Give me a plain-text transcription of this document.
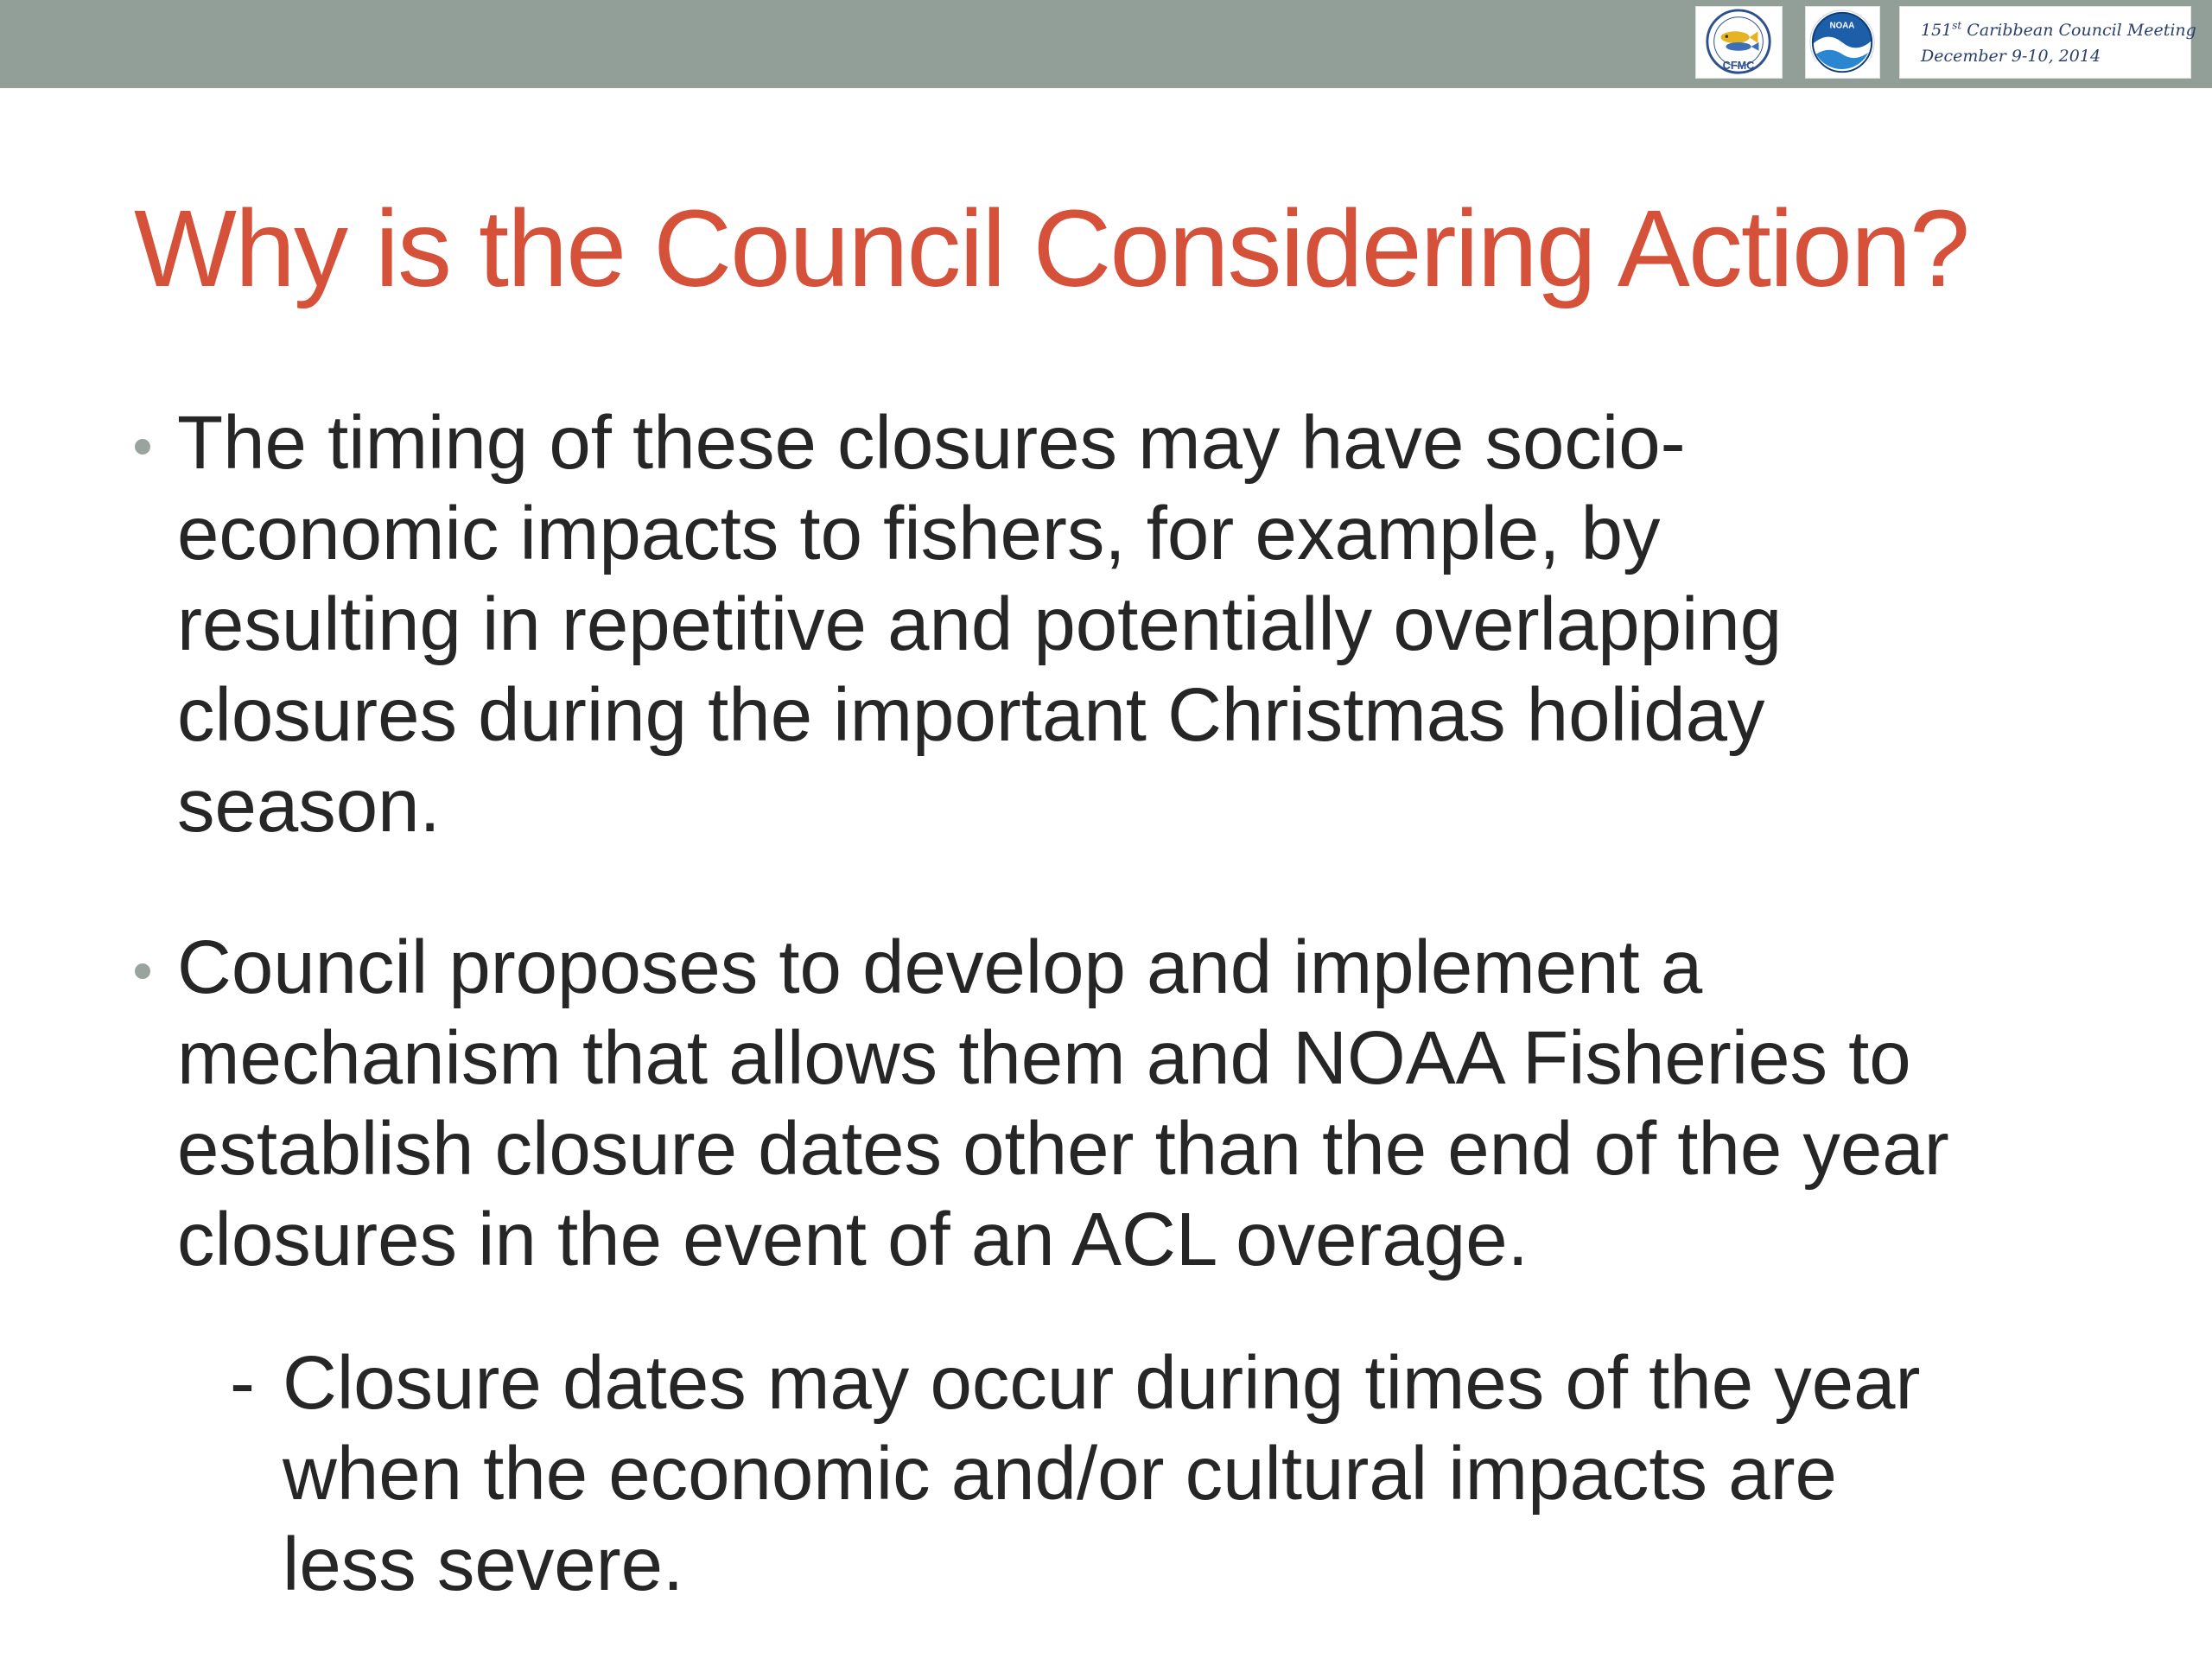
CFMC
NOAA	151st Caribbean Council Meeting
December 9-10, 2014
Why is the Council Considering Action?
The timing of these closures may have socio-
economic impacts to fishers, for example, by
resulting in repetitive and potentially overlapping
closures during the important Christmas holiday
season.
Council proposes to develop and implement a
mechanism that allows them and NOAA Fisheries to
establish closure dates other than the end of the year
closures in the event of an ACL overage.
- Closure dates may occur during times of the year
when the economic and/or cultural impacts are
less severe.
